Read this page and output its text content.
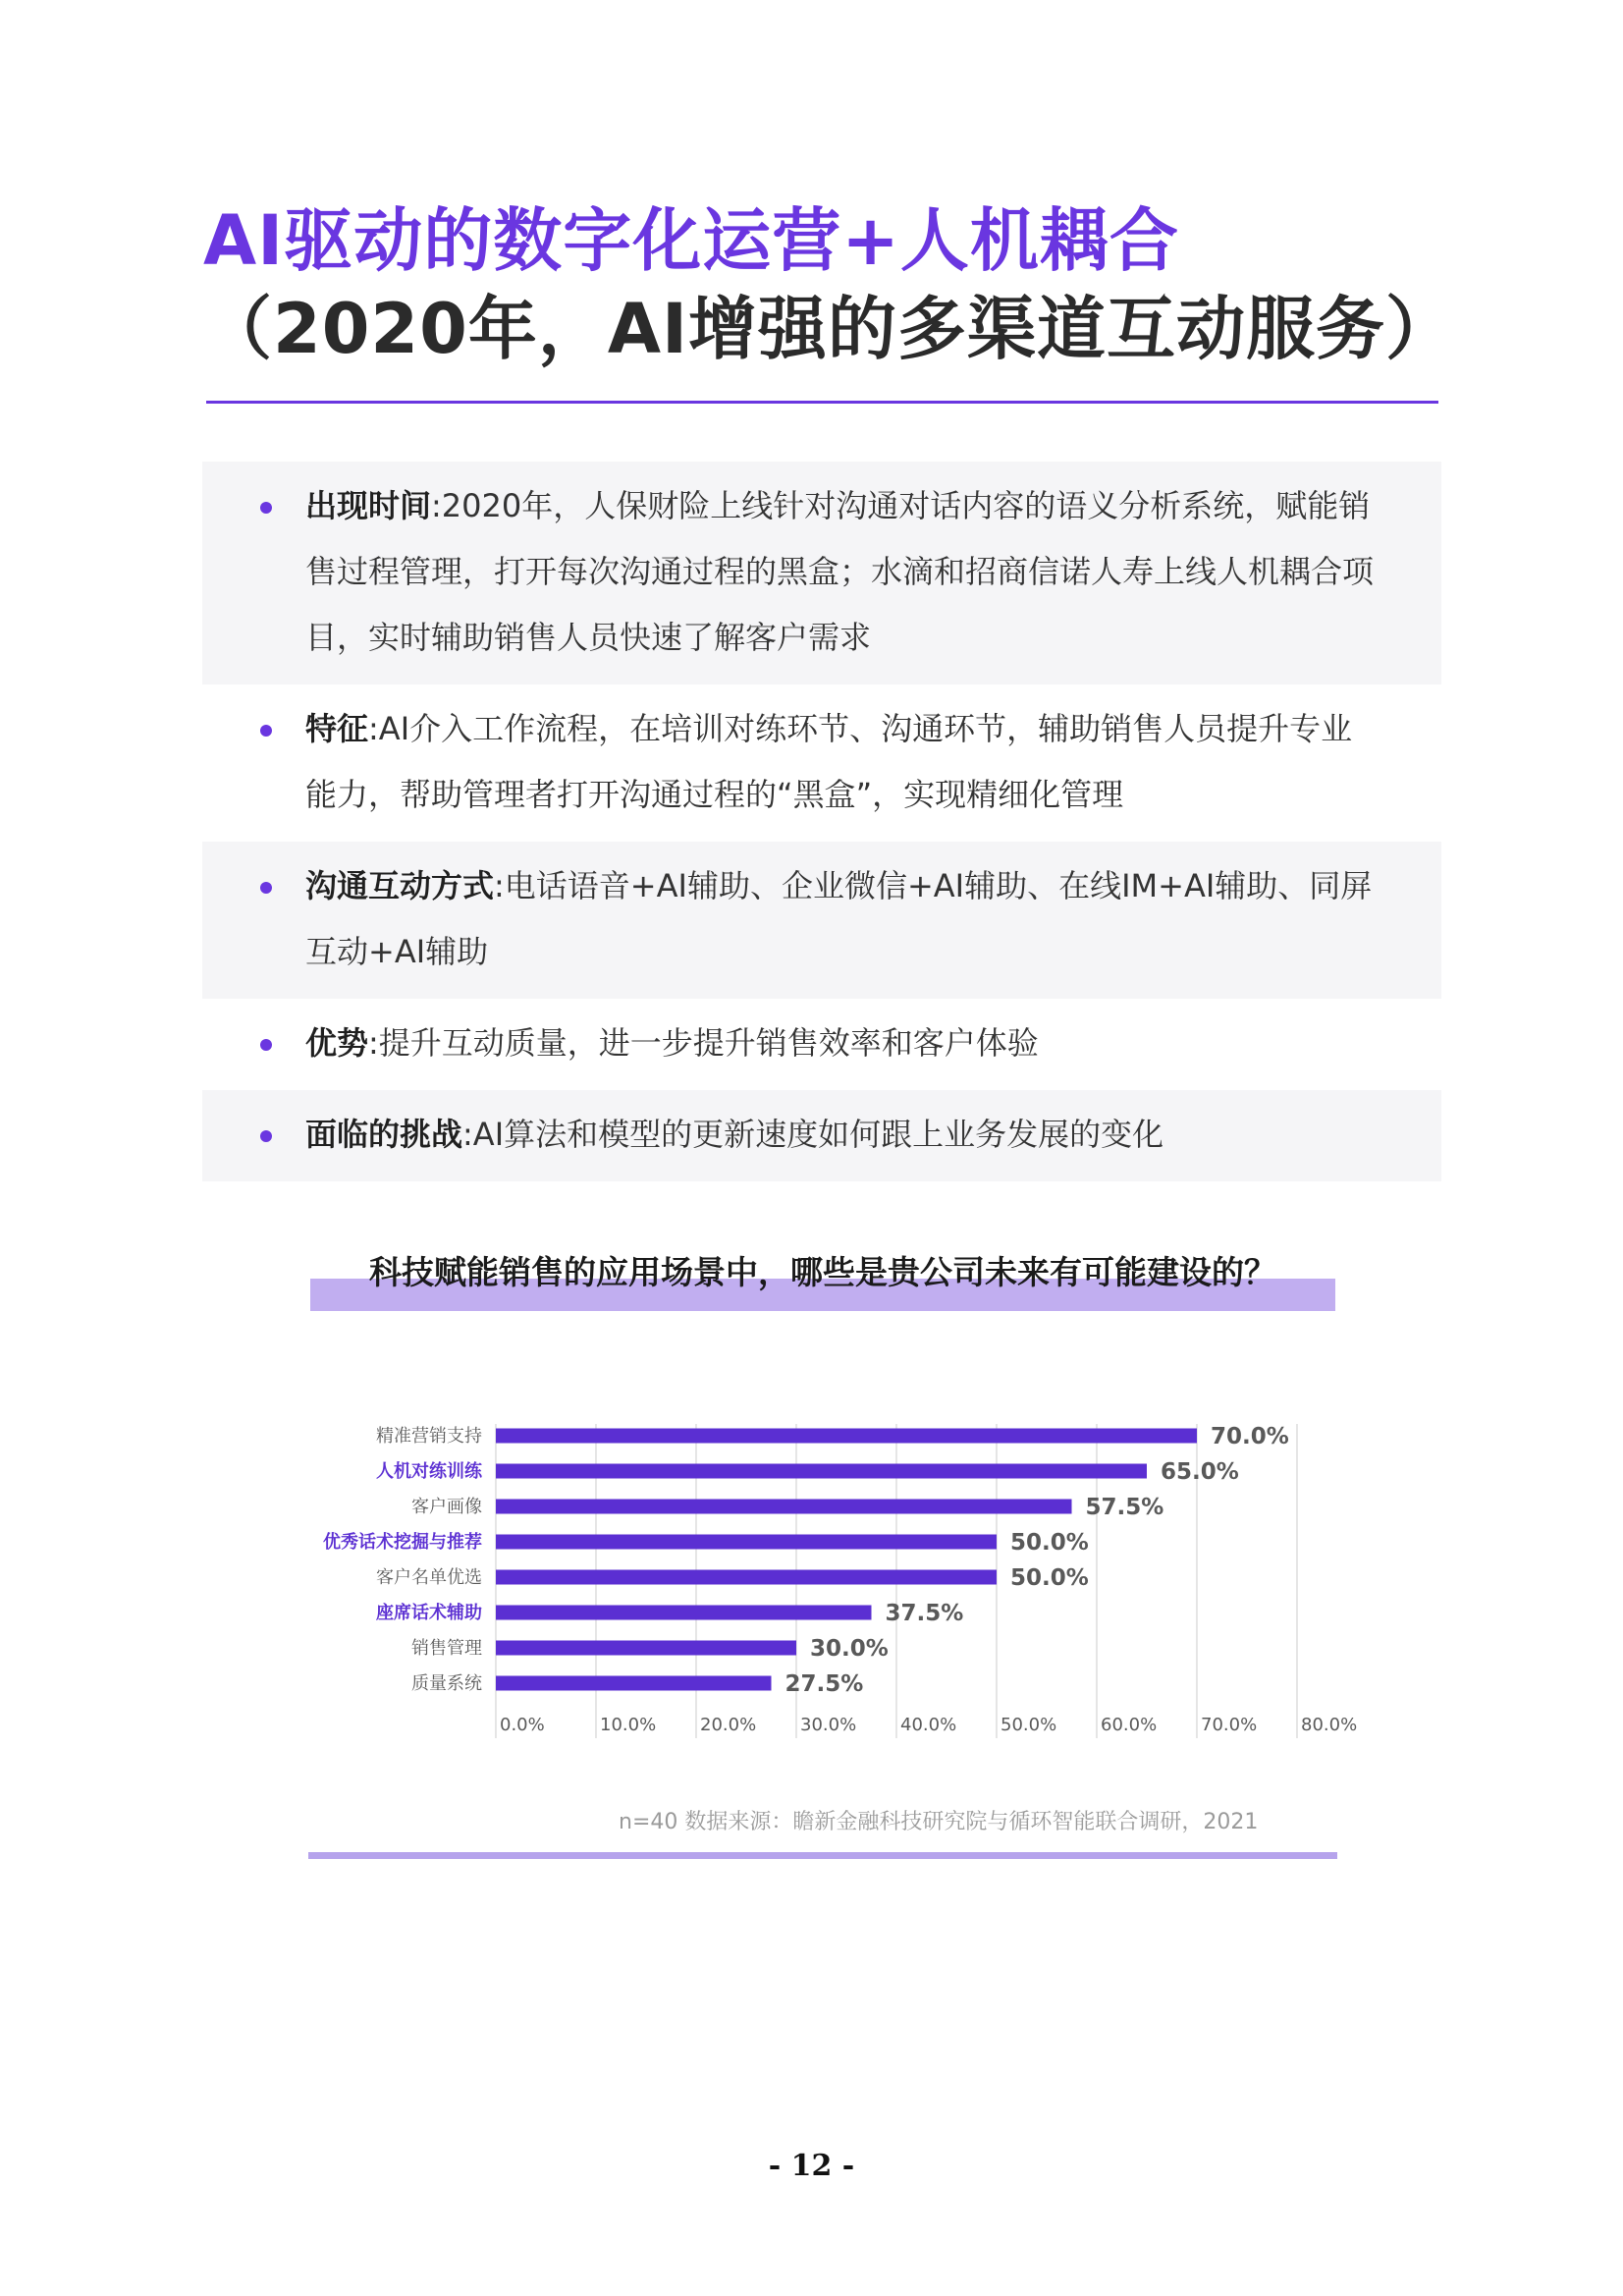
AI驱动的数字化运营+人机耦合
（2020年，AI增强的多渠道互动服务）
出现时间:2020年，人保财险上线针对沟通对话内容的语义分析系统，赋能销售过程管理，打开每次沟通过程的黑盒；水滴和招商信诺人寿上线人机耦合项目，实时辅助销售人员快速了解客户需求
特征:AI介入工作流程，在培训对练环节、沟通环节，辅助销售人员提升专业能力，帮助管理者打开沟通过程的“黑盒”，实现精细化管理
沟通互动方式:电话语音+AI辅助、企业微信+AI辅助、在线IM+AI辅助、同屏互动+AI辅助
优势:提升互动质量，进一步提升销售效率和客户体验
面临的挑战:AI算法和模型的更新速度如何跟上业务发展的变化

科技赋能销售的应用场景中，哪些是贵公司未来有可能建设的？

0.0%	10.0% 20.0% 30.0% 40.0% 50.0% 60.0% 70.0% 80.0%
精准营销支持	70.0%
人机对练训练	65.0%
客户画像	57.5%
优秀话术挖掘与推荐	50.0%
客户名单优选	50.0%
座席话术辅助	37.5%
销售管理	30.0%
质量系统	27.5%
n=40 数据来源：瞻新金融科技研究院与循环智能联合调研，2021
- 12 -
